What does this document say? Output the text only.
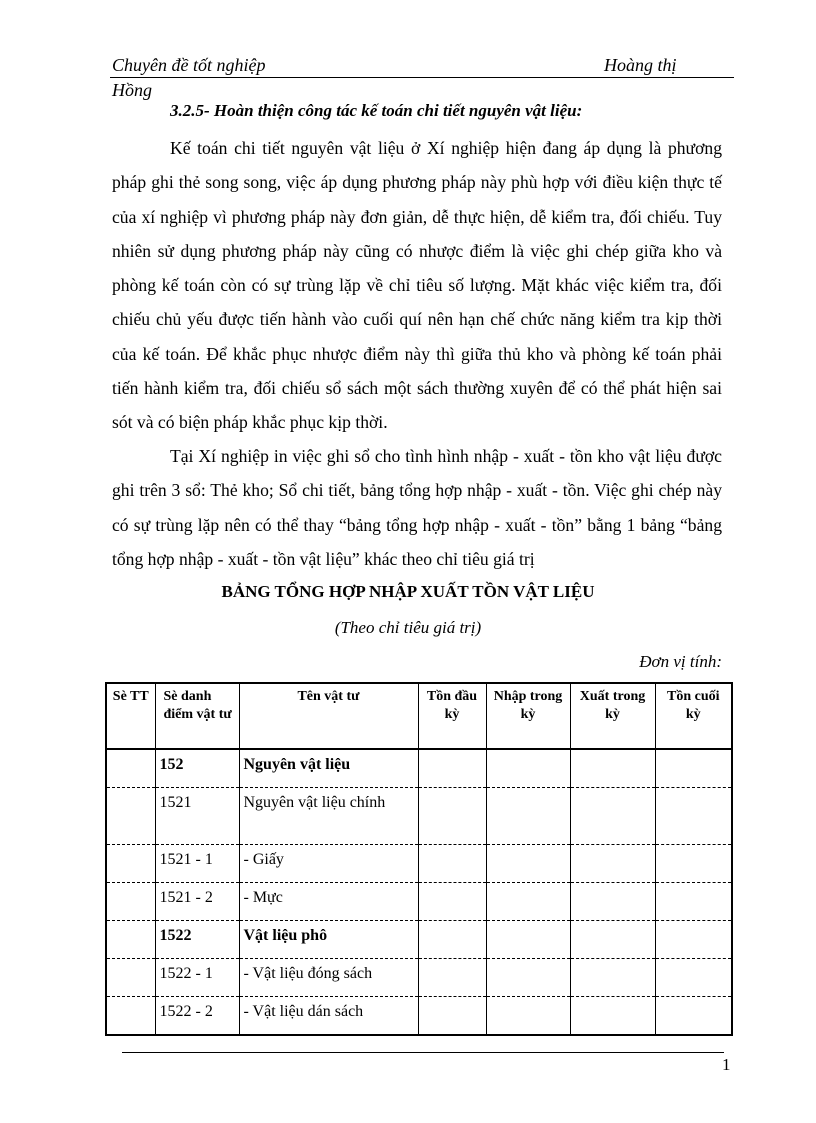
Chuyên đề tốt nghiệp	Hoàng thị
Hồng
3.2.5- Hoàn thiện công tác kế toán chi tiết nguyên vật liệu:

Kế toán chi tiết nguyên vật liệu ở Xí nghiệp hiện đang áp dụng là phương pháp ghi thẻ song song, việc áp dụng phương pháp này phù hợp với điều kiện thực tế của xí nghiệp vì phương pháp này đơn giản, dễ thực hiện, dễ kiểm tra, đối chiếu. Tuy nhiên sử dụng phương pháp này cũng có nhược điểm là việc ghi chép giữa kho và phòng kế toán còn có sự trùng lặp về chỉ tiêu số lượng. Mặt khác việc kiểm tra, đối chiếu chủ yếu được tiến hành vào cuối quí nên hạn chế chức năng kiểm tra kịp thời của kế toán. Để khắc phục nhược điểm này thì giữa thủ kho và phòng kế toán phải tiến hành kiểm tra, đối chiếu sổ sách một sách thường xuyên để có thể phát hiện sai sót và có biện pháp khắc phục kịp thời.

Tại Xí nghiệp in việc ghi sổ cho tình hình nhập - xuất - tồn kho vật liệu được ghi trên 3 sổ: Thẻ kho; Sổ chi tiết, bảng tổng hợp nhập - xuất - tồn. Việc ghi chép này có sự trùng lặp nên có thể thay “bảng tổng hợp nhập - xuất - tồn” bằng 1 bảng “bảng tổng hợp nhập - xuất - tồn vật liệu” khác theo chỉ tiêu giá trị

BẢNG TỔNG HỢP NHẬP XUẤT TỒN VẬT LIỆU
(Theo chỉ tiêu giá trị)
Đơn vị tính:
Sè TT	Sè danh điểm vật tư	Tên vật tư	Tồn đầu kỳ	Nhập trong kỳ	Xuất trong kỳ	Tồn cuối kỳ
	152	Nguyên vật liệu				
	1521	Nguyên vật liệu chính				
	1521 - 1	- Giấy				
	1521 - 2	- Mực				
	1522	Vật liệu phô				
	1522 - 1	- Vật liệu đóng sách				
	1522 - 2	- Vật liệu dán sách				
1
